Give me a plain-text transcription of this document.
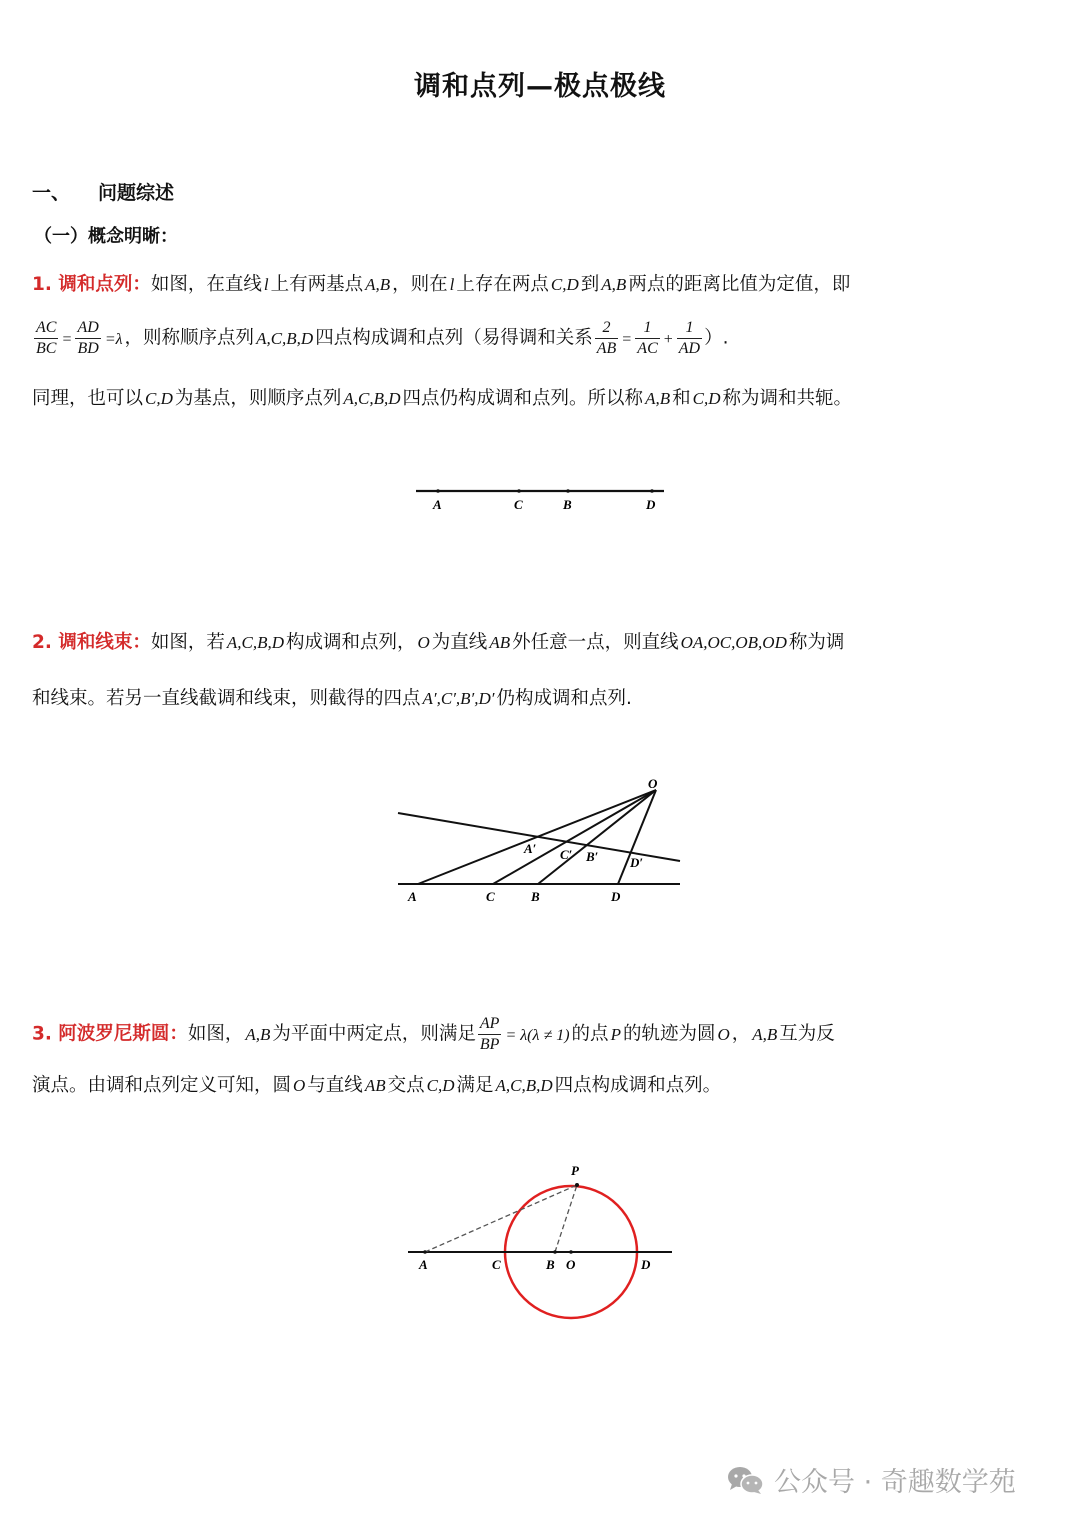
调和点列—极点极线
一、 问题综述
（一）概念明晰：
1. 调和点列：如图，在直线 l 上有两基点 A,B ，则在 l 上存在两点 C,D 到 A,B 两点的距离比值为定值，即
$\frac{AC}{BC} = \frac{AD}{BD} =\lambda$ ，则称顺序点列 A,C,B,D 四点构成调和点列（易得调和关系 $\frac{2}{AB} = \frac{1}{AC} + \frac{1}{AD}$ ）.
同理，也可以 C,D 为基点，则顺序点列 A,C,B,D 四点仍构成调和点列。所以称 A,B 和 C,D 称为调和共轭。
A	C	B	D
2. 调和线束：如图，若 A,C,B,D 构成调和点列， O 为直线 AB 外任意一点，则直线 OA,OC,OB,OD 称为调
和线束。若另一直线截调和线束，则截得的四点 A′,C′,B′,D′ 仍构成调和点列.
O
A	C	B	D
A′ C′ B′ D′
3. 阿波罗尼斯圆：如图， A,B 为平面中两定点，则满足 $\frac{AP}{BP} = \lambda(\lambda \ne 1)$ 的点 P 的轨迹为圆 O ， A,B 互为反
演点。由调和点列定义可知，圆 O 与直线 AB 交点 C,D 满足 A,C,B,D 四点构成调和点列。
P
A	C	B O	D
公众号 · 奇趣数学苑
